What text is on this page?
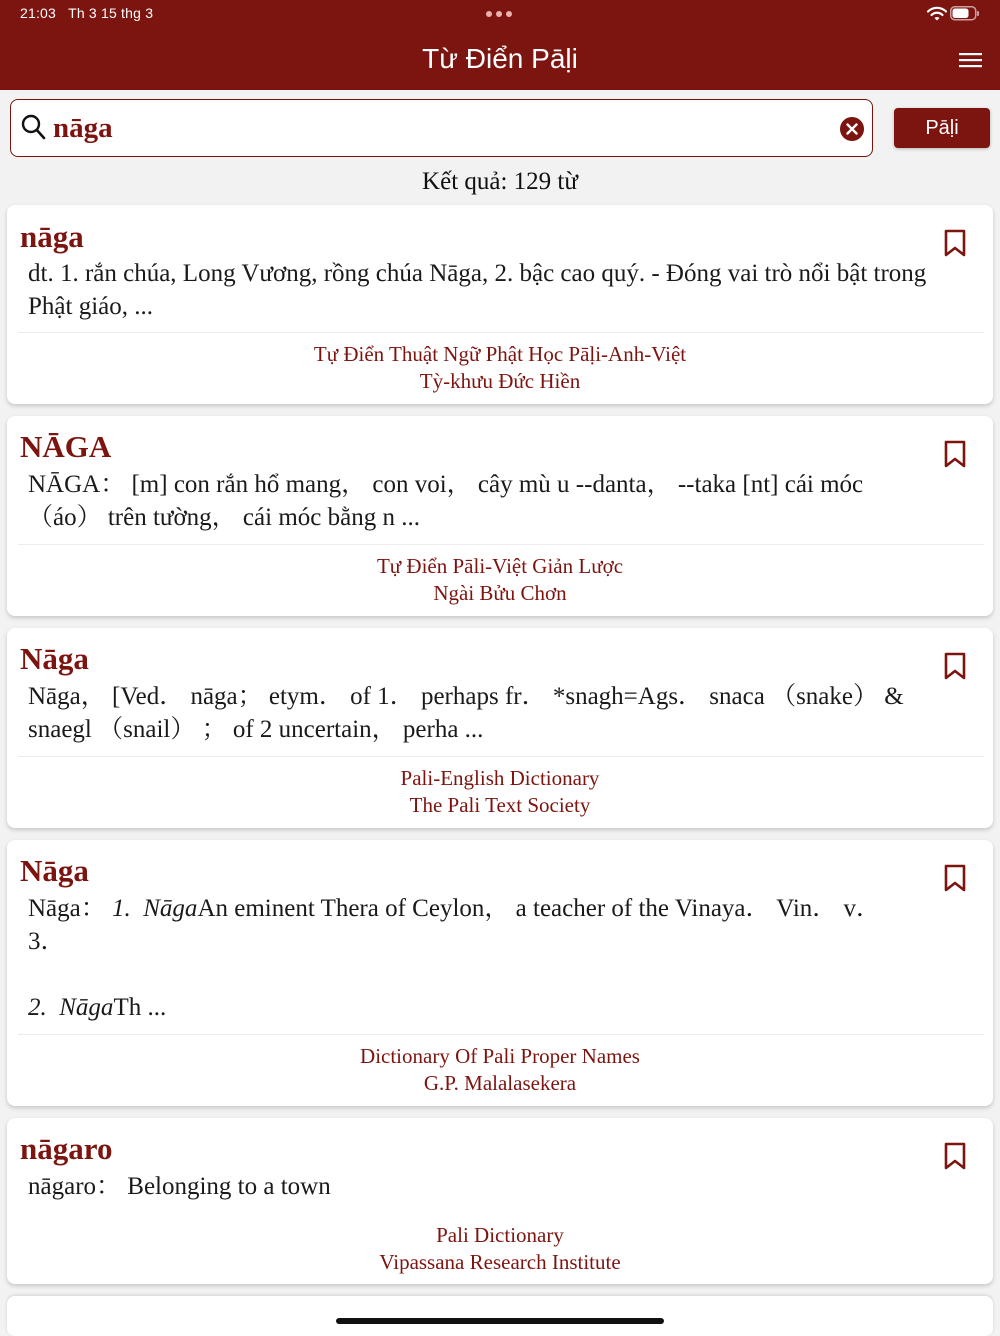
21:03 Th 3 15 thg 3
Từ Điển Pāḷi
nāga
Pāḷi
Kết quả: 129 từ
nāga

dt. 1. rắn chúa, Long Vương, rồng chúa Nāga, 2. bậc cao quý. - Đóng vai trò nổi bật trong Phật giáo, ...

Tự Điển Thuật Ngữ Phật Học Pāḷi-Anh-Việt
Tỳ-khưu Đức Hiền
NĀGA

NĀGA： [m] con rắn hổ mang， con voi， cây mù u --danta， --taka [nt] cái móc （áo） trên tường， cái móc bằng n ...

Tự Điển Pāli-Việt Giản Lược
Ngài Bửu Chơn
Nāga

Nāga， [Ved． nāga； etym． of 1． perhaps fr． *snagh=Ags． snaca （snake） & snaegl （snail） ； of 2 uncertain， perha ...

Pali-English Dictionary
The Pali Text Society
Nāga

Nāga： 1. NāgaAn eminent Thera of Ceylon， a teacher of the Vinaya． Vin． v． 3．

2. NāgaTh ...

Dictionary Of Pali Proper Names
G.P. Malalasekera
nāgaro

nāgaro： Belonging to a town

Pali Dictionary
Vipassana Research Institute
